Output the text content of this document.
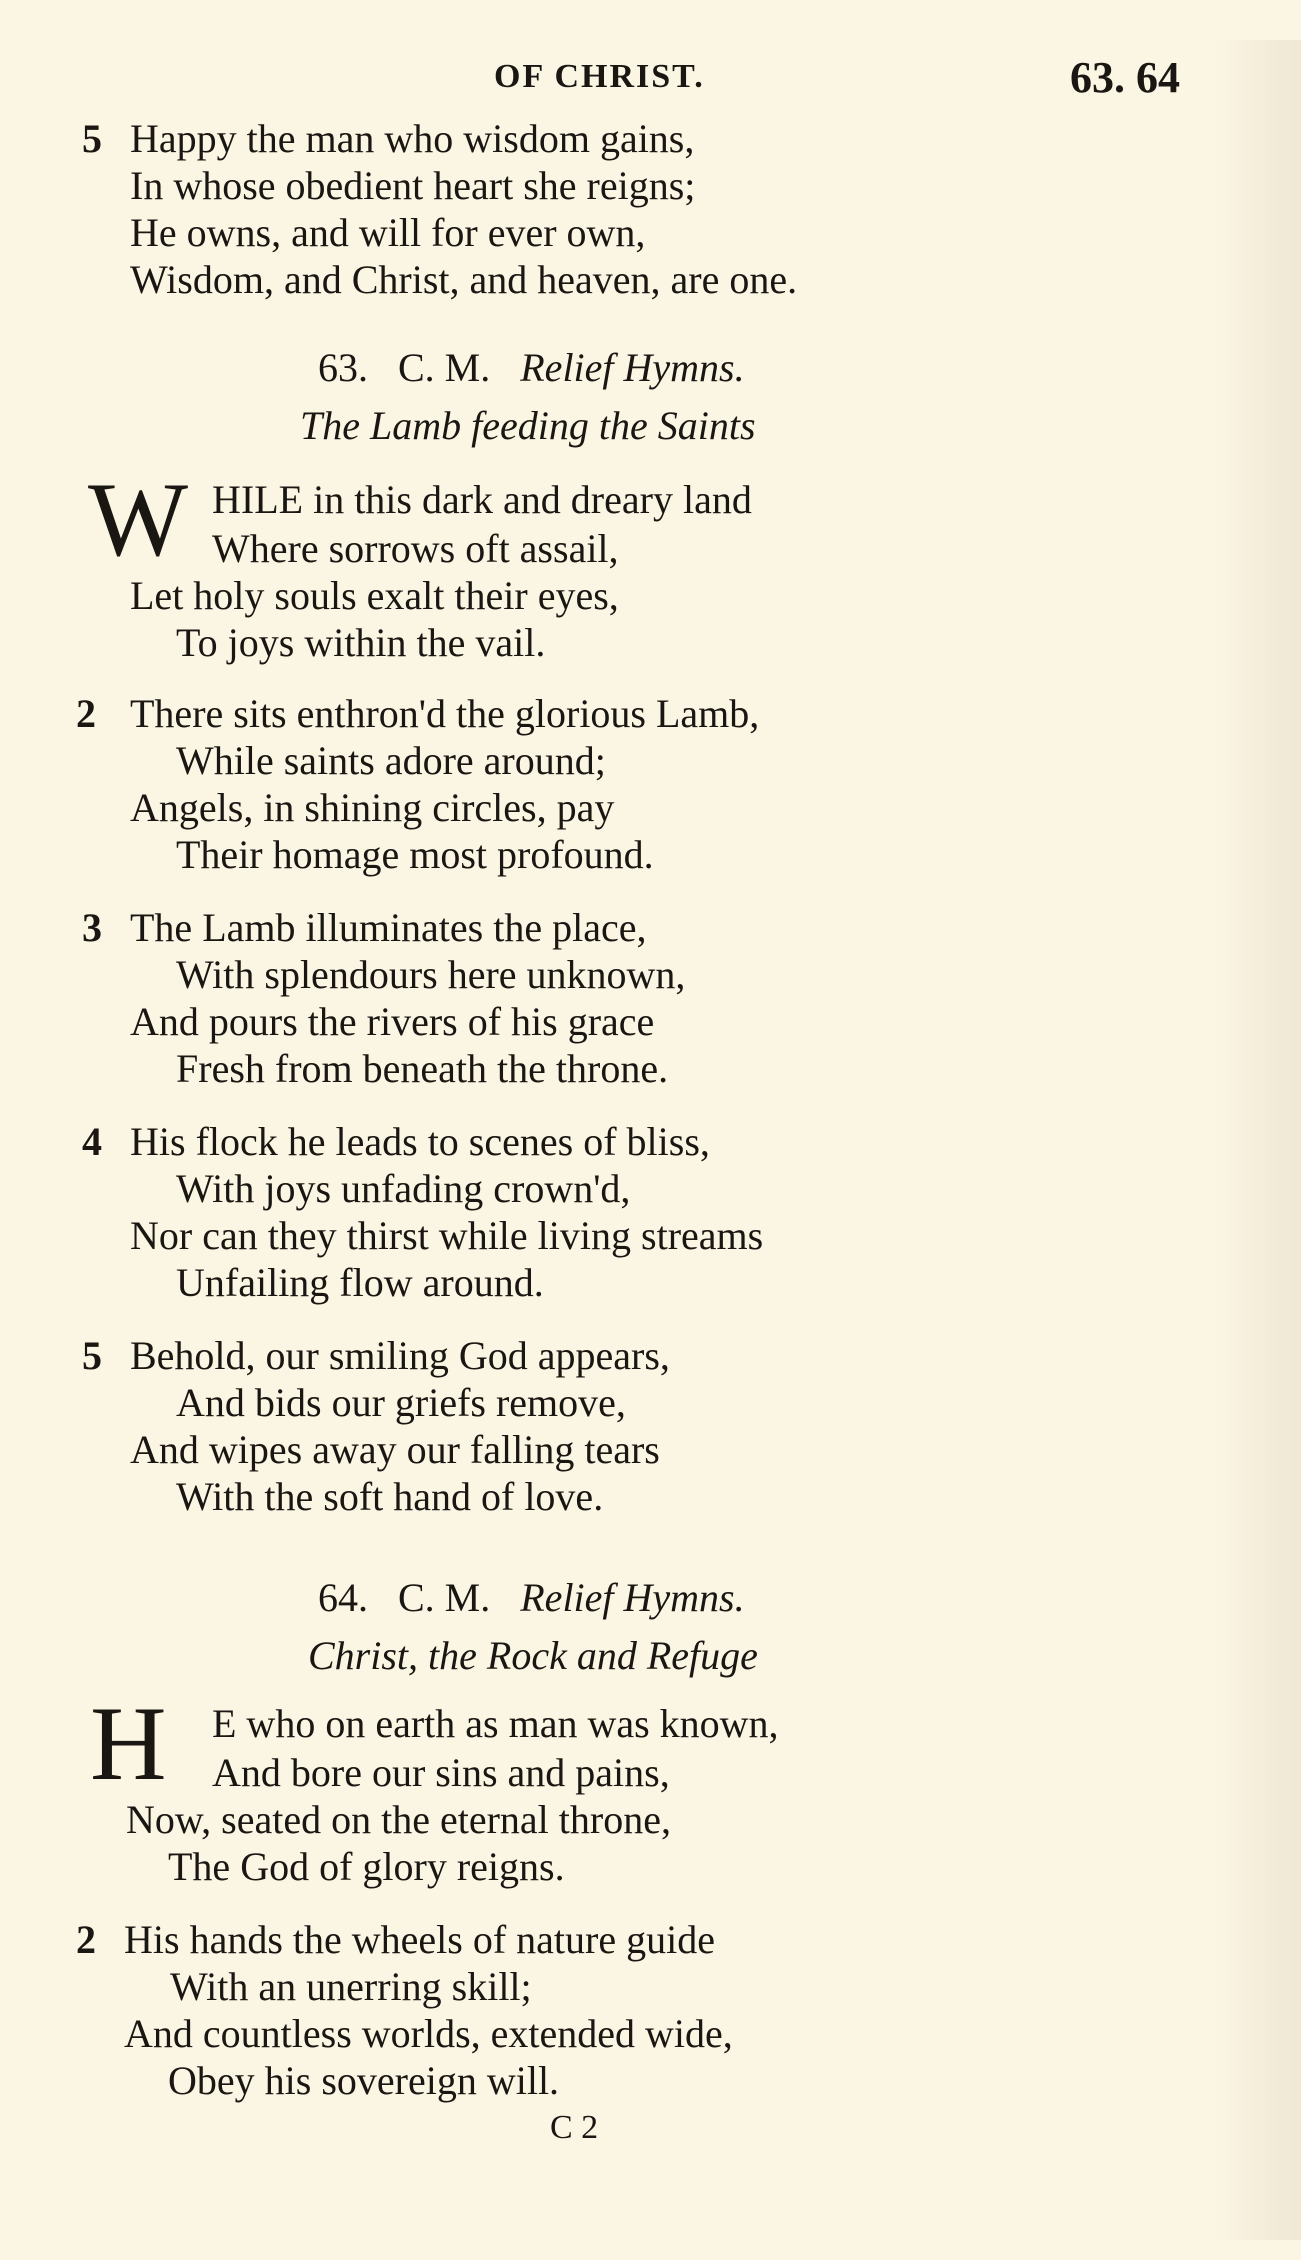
OF CHRIST.	63. 64
5 Happy the man who wisdom gains,
In whose obedient heart she reigns;
He owns, and will for ever own,
Wisdom, and Christ, and heaven, are one.
63. C. M. Relief Hymns.
The Lamb feeding the Saints
W HILE in this dark and dreary land
Where sorrows oft assail,
Let holy souls exalt their eyes,
To joys within the vail.
2 There sits enthron'd the glorious Lamb,
While saints adore around;
Angels, in shining circles, pay
Their homage most profound.
3 The Lamb illuminates the place,
With splendours here unknown,
And pours the rivers of his grace
Fresh from beneath the throne.
4 His flock he leads to scenes of bliss,
With joys unfading crown'd,
Nor can they thirst while living streams
Unfailing flow around.
5 Behold, our smiling God appears,
And bids our griefs remove,
And wipes away our falling tears
With the soft hand of love.
64. C. M. Relief Hymns.
Christ, the Rock and Refuge
H E who on earth as man was known,
And bore our sins and pains,
Now, seated on the eternal throne,
The God of glory reigns.
2 His hands the wheels of nature guide
With an unerring skill;
And countless worlds, extended wide,
Obey his sovereign will.
C 2
